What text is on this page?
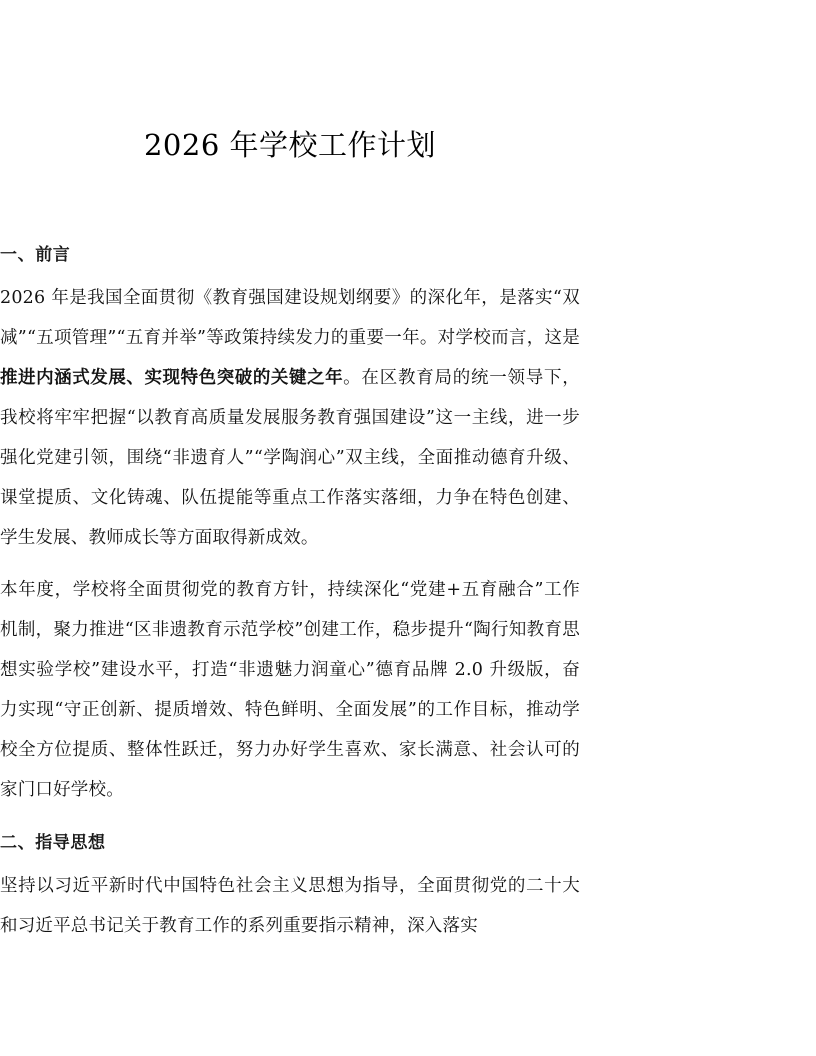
2026 年学校工作计划
一、前言

2026 年是我国全面贯彻《教育强国建设规划纲要》的深化年，是落实“双减”“五项管理”“五育并举”等政策持续发力的重要一年。对学校而言，这是推进内涵式发展、实现特色突破的关键之年。在区教育局的统一领导下，我校将牢牢把握“以教育高质量发展服务教育强国建设”这一主线，进一步强化党建引领，围绕“非遗育人”“学陶润心”双主线，全面推动德育升级、课堂提质、文化铸魂、队伍提能等重点工作落实落细，力争在特色创建、学生发展、教师成长等方面取得新成效。

本年度，学校将全面贯彻党的教育方针，持续深化“党建+五育融合”工作机制，聚力推进“区非遗教育示范学校”创建工作，稳步提升“陶行知教育思想实验学校”建设水平，打造“非遗魅力润童心”德育品牌 2.0 升级版，奋力实现“守正创新、提质增效、特色鲜明、全面发展”的工作目标，推动学校全方位提质、整体性跃迁，努力办好学生喜欢、家长满意、社会认可的家门口好学校。

二、指导思想

坚持以习近平新时代中国特色社会主义思想为指导，全面贯彻党的二十大和习近平总书记关于教育工作的系列重要指示精神，深入落实
